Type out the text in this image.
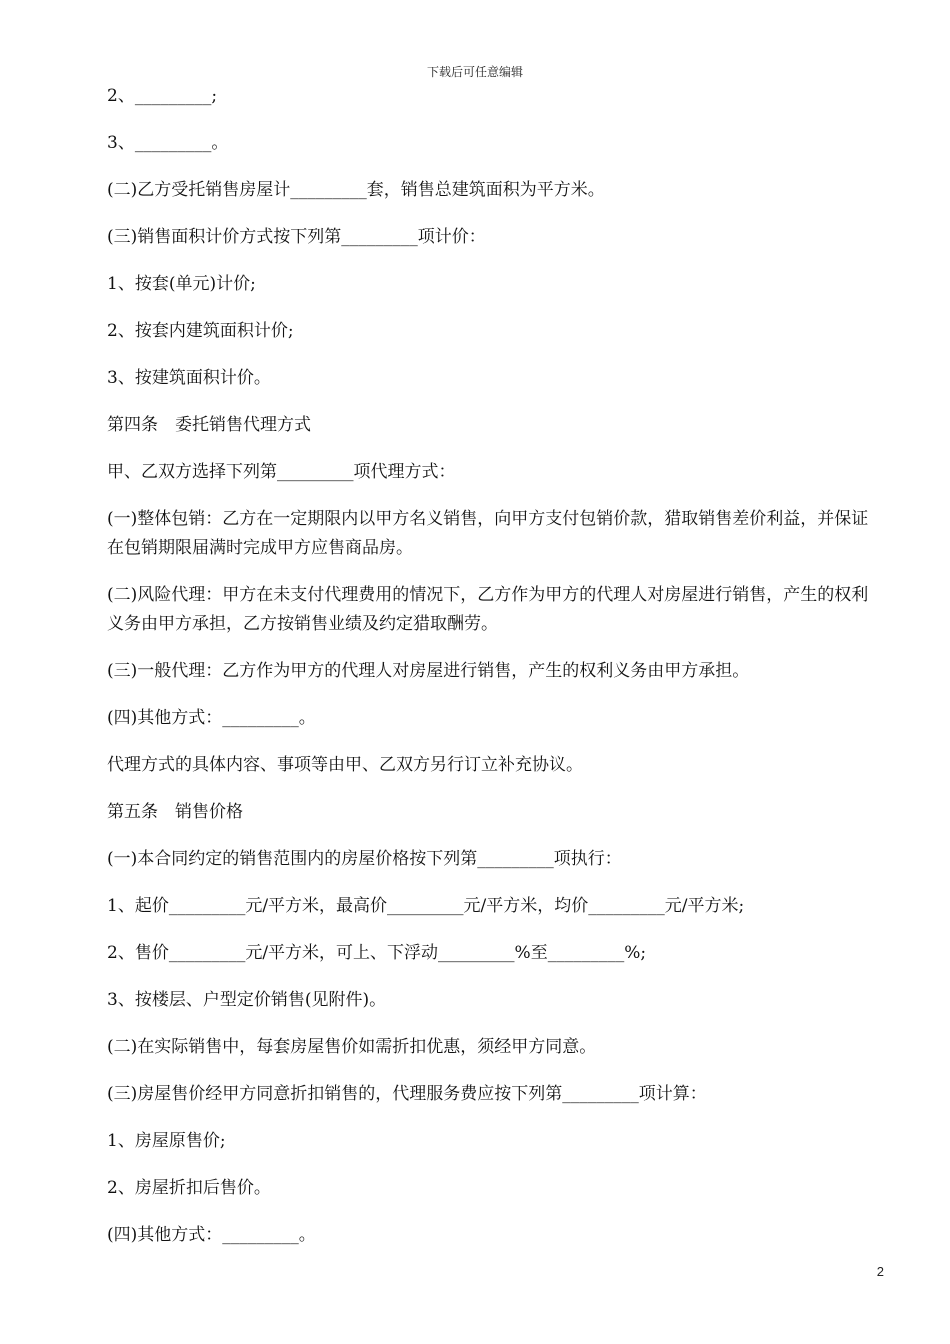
下载后可任意编辑

2、_________;

3、_________。

(二)乙方受托销售房屋计_________套，销售总建筑面积为平方米。

(三)销售面积计价方式按下列第_________项计价：

1、按套(单元)计价;

2、按套内建筑面积计价;

3、按建筑面积计价。

第四条　委托销售代理方式

甲、乙双方选择下列第_________项代理方式：

(一)整体包销：乙方在一定期限内以甲方名义销售，向甲方支付包销价款，猎取销售差价利益，并保证在包销期限届满时完成甲方应售商品房。

(二)风险代理：甲方在未支付代理费用的情况下，乙方作为甲方的代理人对房屋进行销售，产生的权利义务由甲方承担，乙方按销售业绩及约定猎取酬劳。

(三)一般代理：乙方作为甲方的代理人对房屋进行销售，产生的权利义务由甲方承担。

(四)其他方式：_________。

代理方式的具体内容、事项等由甲、乙双方另行订立补充协议。

第五条　销售价格

(一)本合同约定的销售范围内的房屋价格按下列第_________项执行：

1、起价_________元/平方米，最高价_________元/平方米，均价_________元/平方米;

2、售价_________元/平方米，可上、下浮动_________%至_________%;

3、按楼层、户型定价销售(见附件)。

(二)在实际销售中，每套房屋售价如需折扣优惠，须经甲方同意。

(三)房屋售价经甲方同意折扣销售的，代理服务费应按下列第_________项计算：

1、房屋原售价;

2、房屋折扣后售价。

(四)其他方式：_________。

2
